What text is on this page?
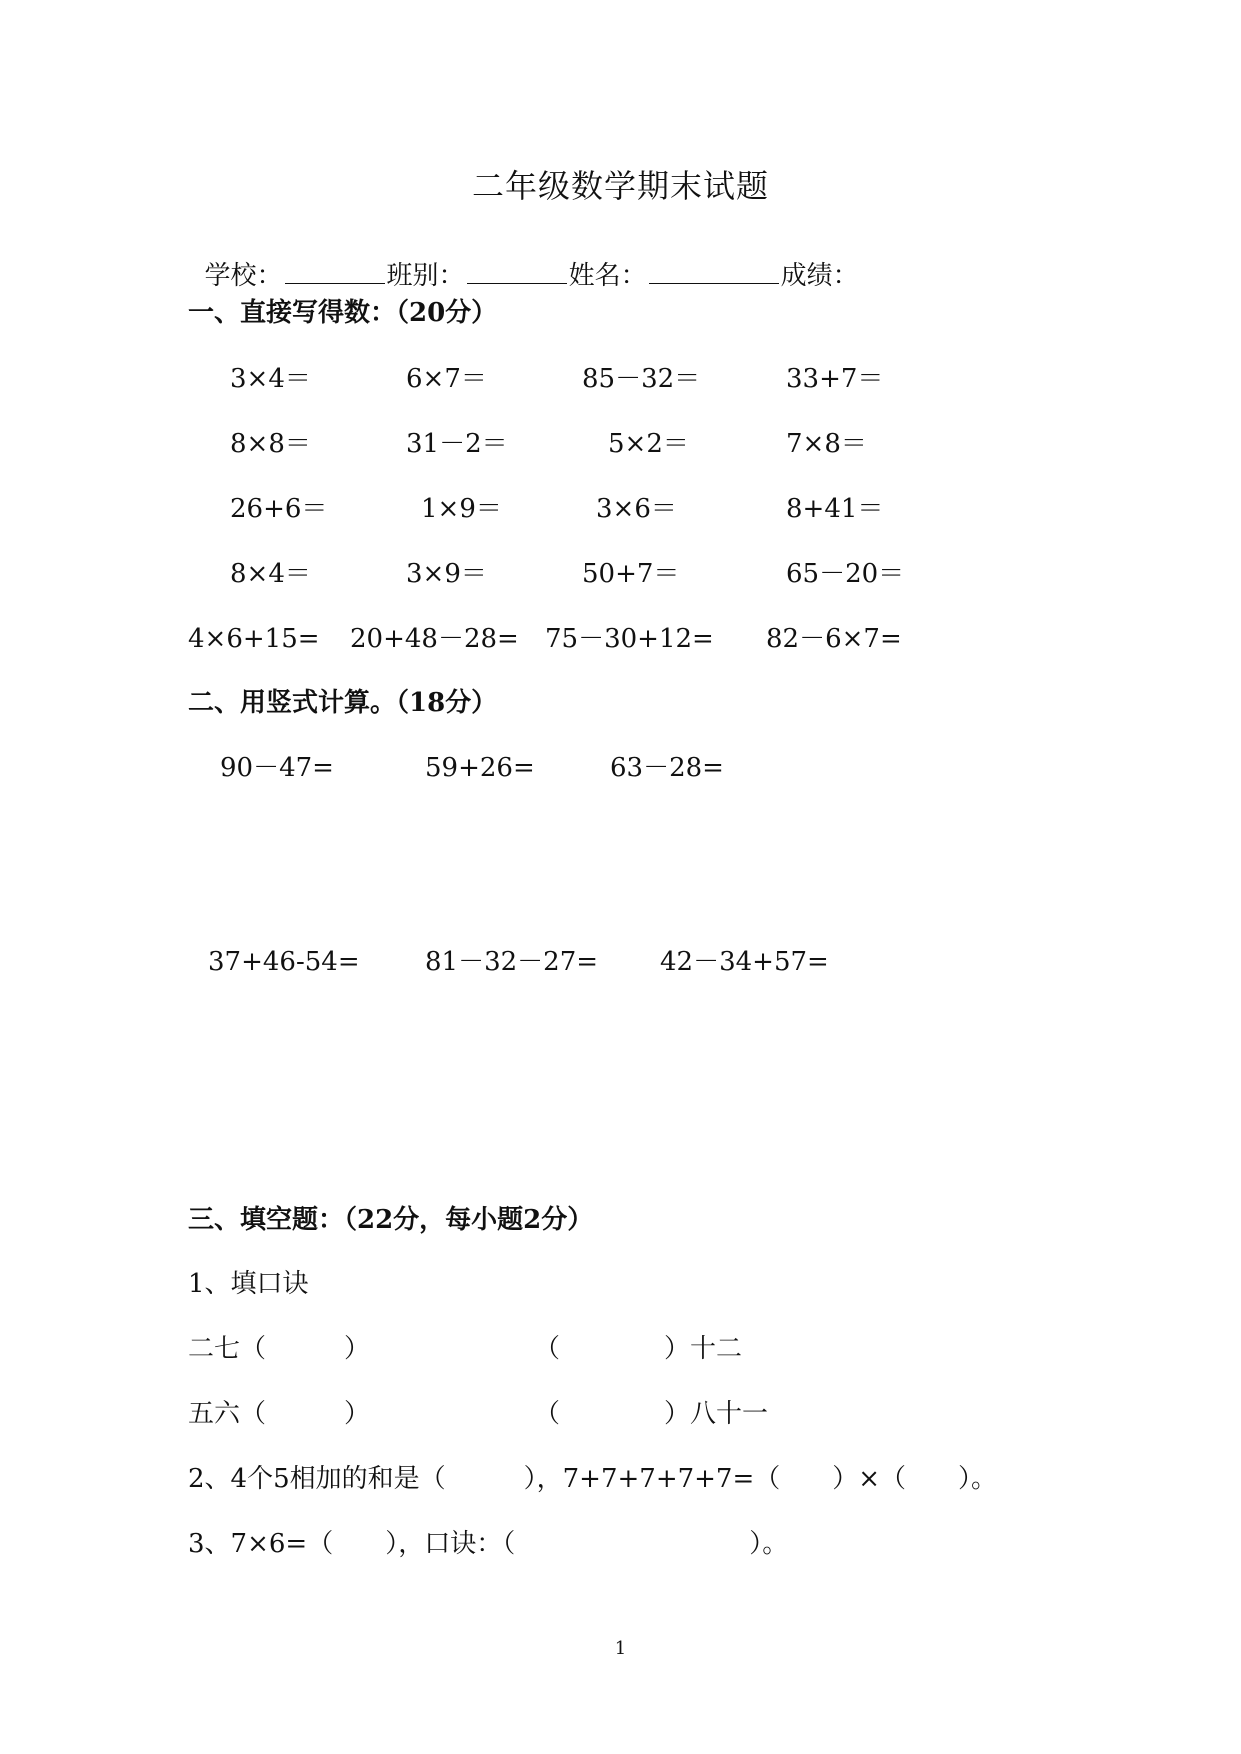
二年级数学期末试题

学校：	班别：	姓名：	成绩：

一、直接写得数：（20分）
3×4＝	6×7＝	85－32＝	33+7＝
8×8＝	31－2＝	5×2＝	7×8＝
26+6＝	1×9＝	3×6＝	8+41＝
8×4＝	3×9＝	50+7＝	65－20＝
4×6+15= 20+48－28= 75－30+12= 82－6×7=
二、用竖式计算。（18分）
90－47=	59+26=	63－28=
37+46-54=	81－32－27= 42－34+57=
三、填空题：（22分，每小题2分）
1、填口诀
二七（　　　）	（　　　　）十二
五六（　　　）	（　　　　）八十一
2、4个5相加的和是（　　　），7+7+7+7+7=（　　）×（　　）。
3、7×6=（　　），口诀：（　　　　　　　　　）。
1
